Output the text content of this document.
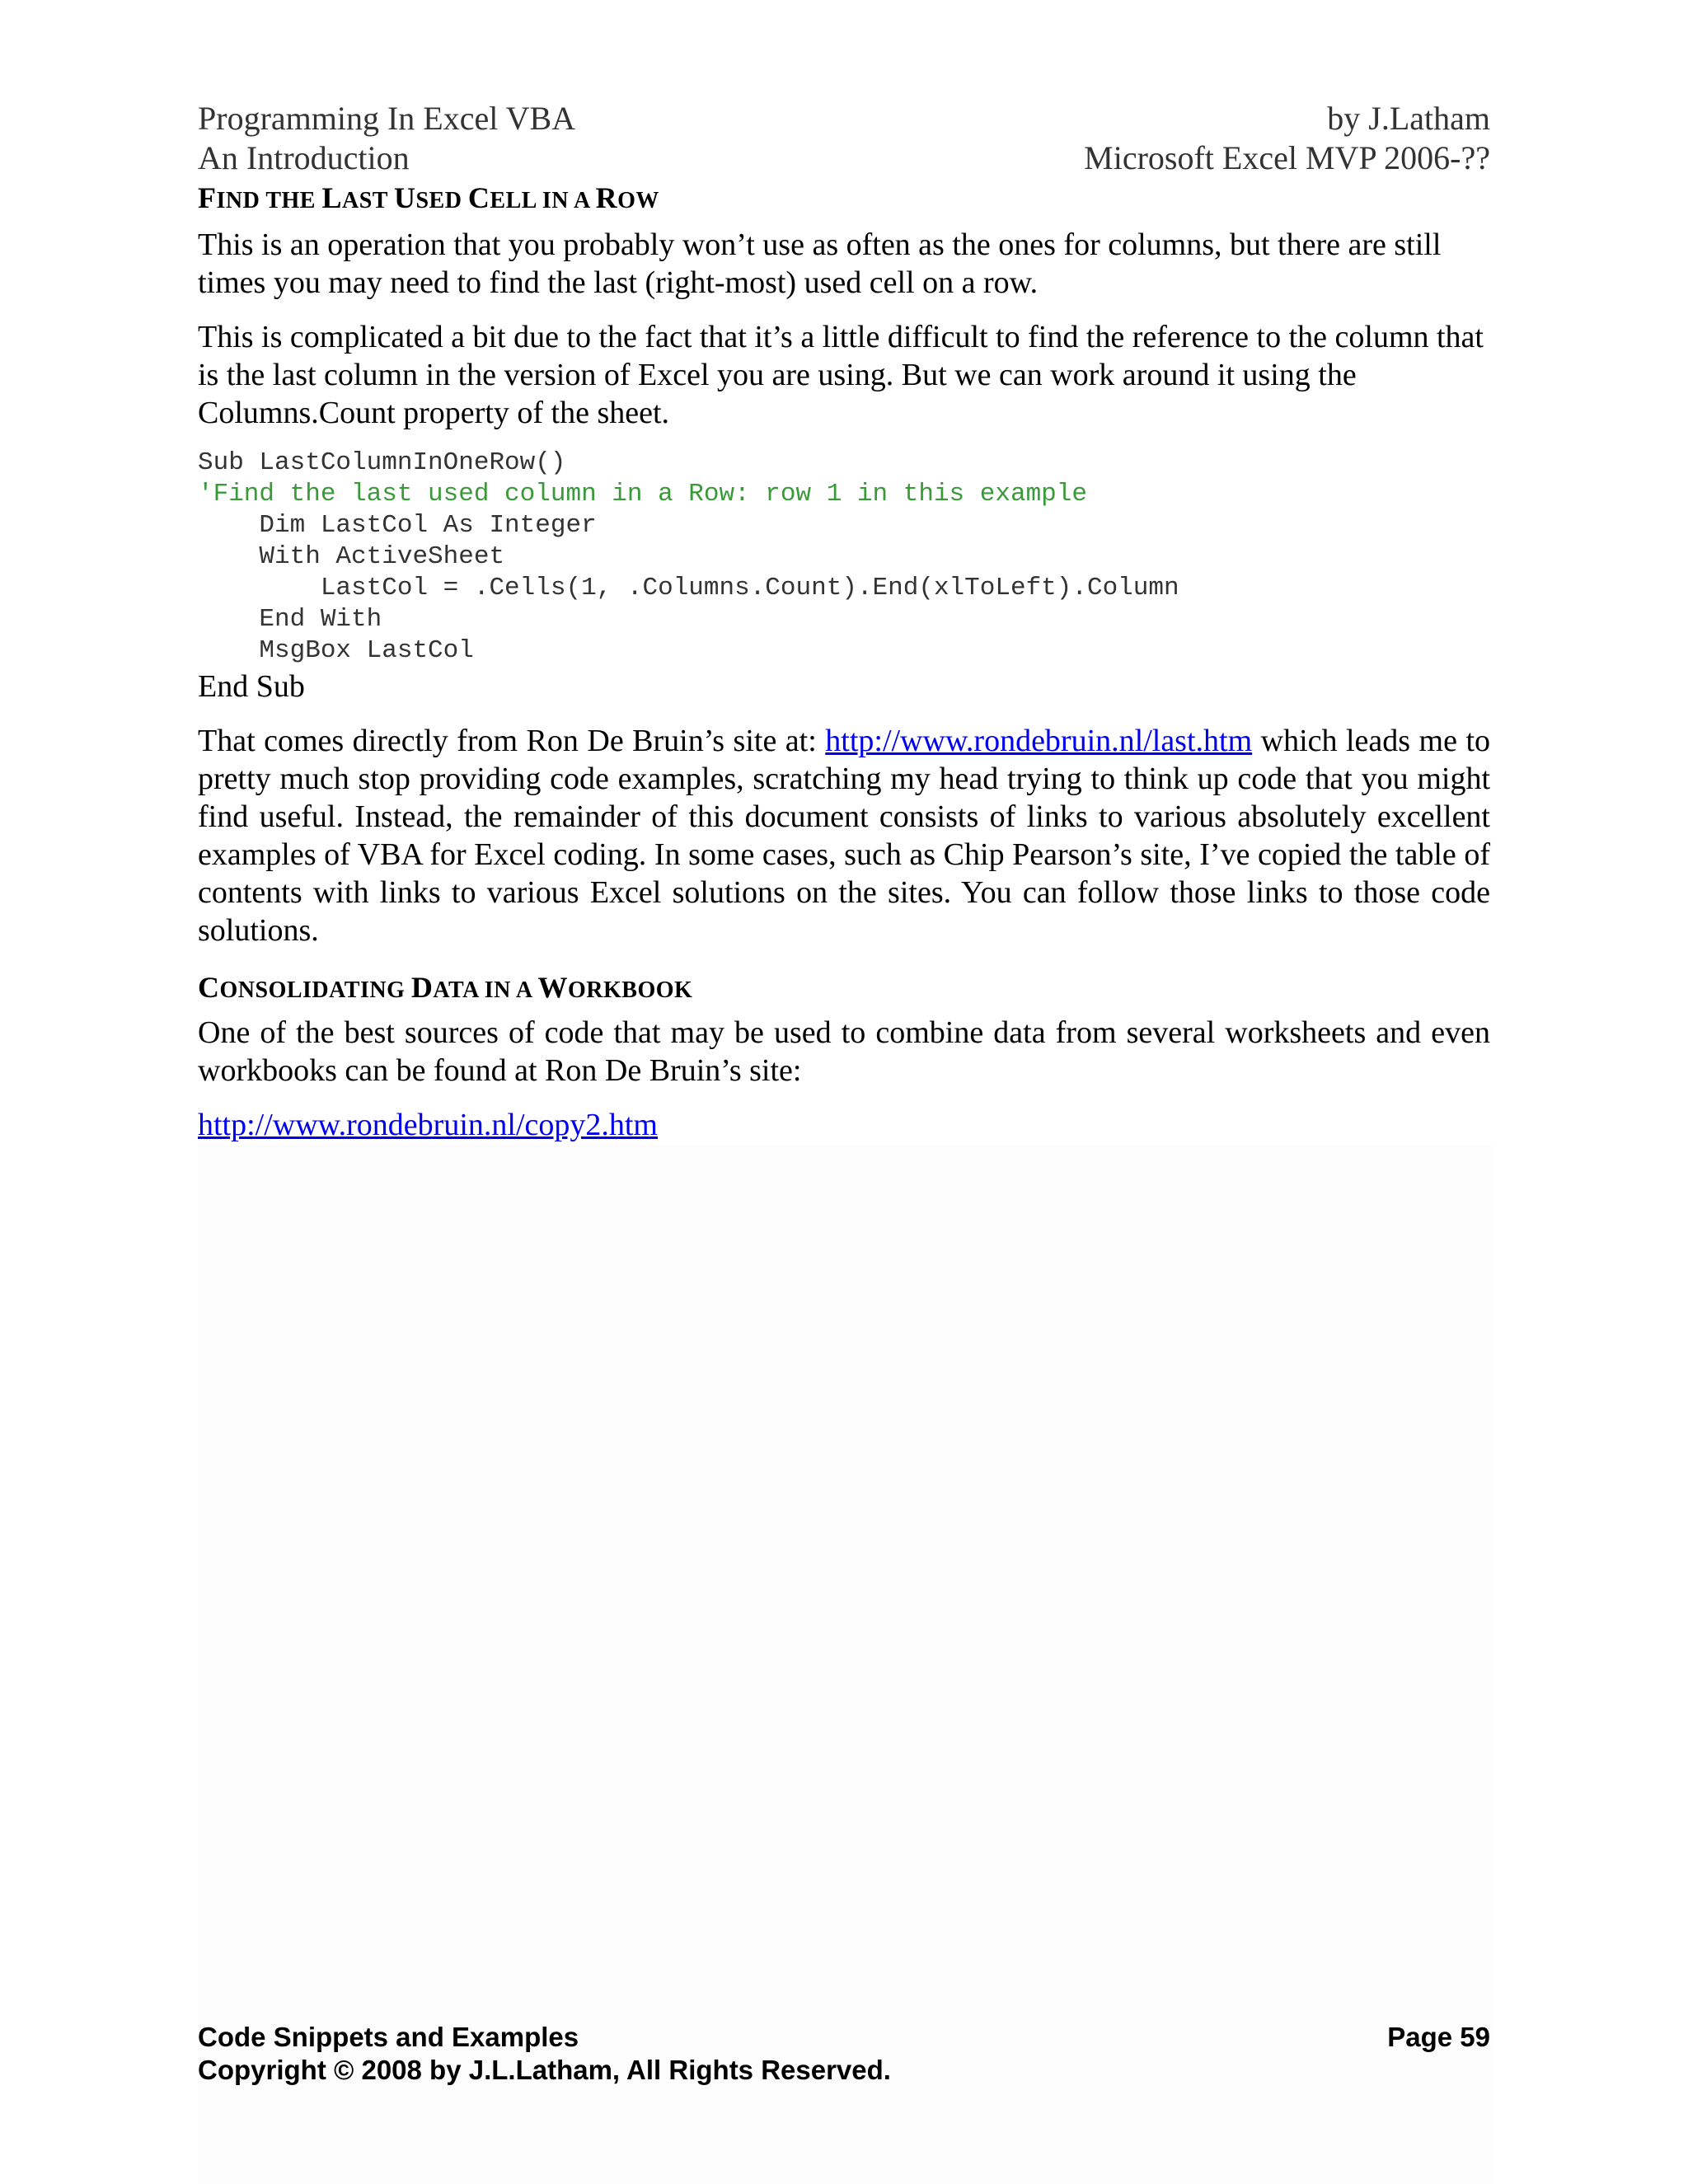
Programming In Excel VBA	by J.Latham
An Introduction	Microsoft Excel MVP 2006-??
FIND THE LAST USED CELL IN A ROW

This is an operation that you probably won’t use as often as the ones for columns, but there are still times you may need to find the last (right-most) used cell on a row.

This is complicated a bit due to the fact that it’s a little difficult to find the reference to the column that is the last column in the version of Excel you are using. But we can work around it using the Columns.Count property of the sheet.

Sub LastColumnInOneRow()
'Find the last used column in a Row: row 1 in this example
Dim LastCol As Integer
With ActiveSheet
LastCol = .Cells(1, .Columns.Count).End(xlToLeft).Column
End With
MsgBox LastCol

End Sub

That comes directly from Ron De Bruin’s site at: http://www.rondebruin.nl/last.htm which leads me to pretty much stop providing code examples, scratching my head trying to think up code that you might find useful. Instead, the remainder of this document consists of links to various absolutely excellent examples of VBA for Excel coding. In some cases, such as Chip Pearson’s site, I’ve copied the table of contents with links to various Excel solutions on the sites. You can follow those links to those code solutions.

CONSOLIDATING DATA IN A WORKBOOK

One of the best sources of code that may be used to combine data from several worksheets and even workbooks can be found at Ron De Bruin’s site:

http://www.rondebruin.nl/copy2.htm

Code Snippets and Examples	Page 59
Copyright © 2008 by J.L.Latham, All Rights Reserved.
